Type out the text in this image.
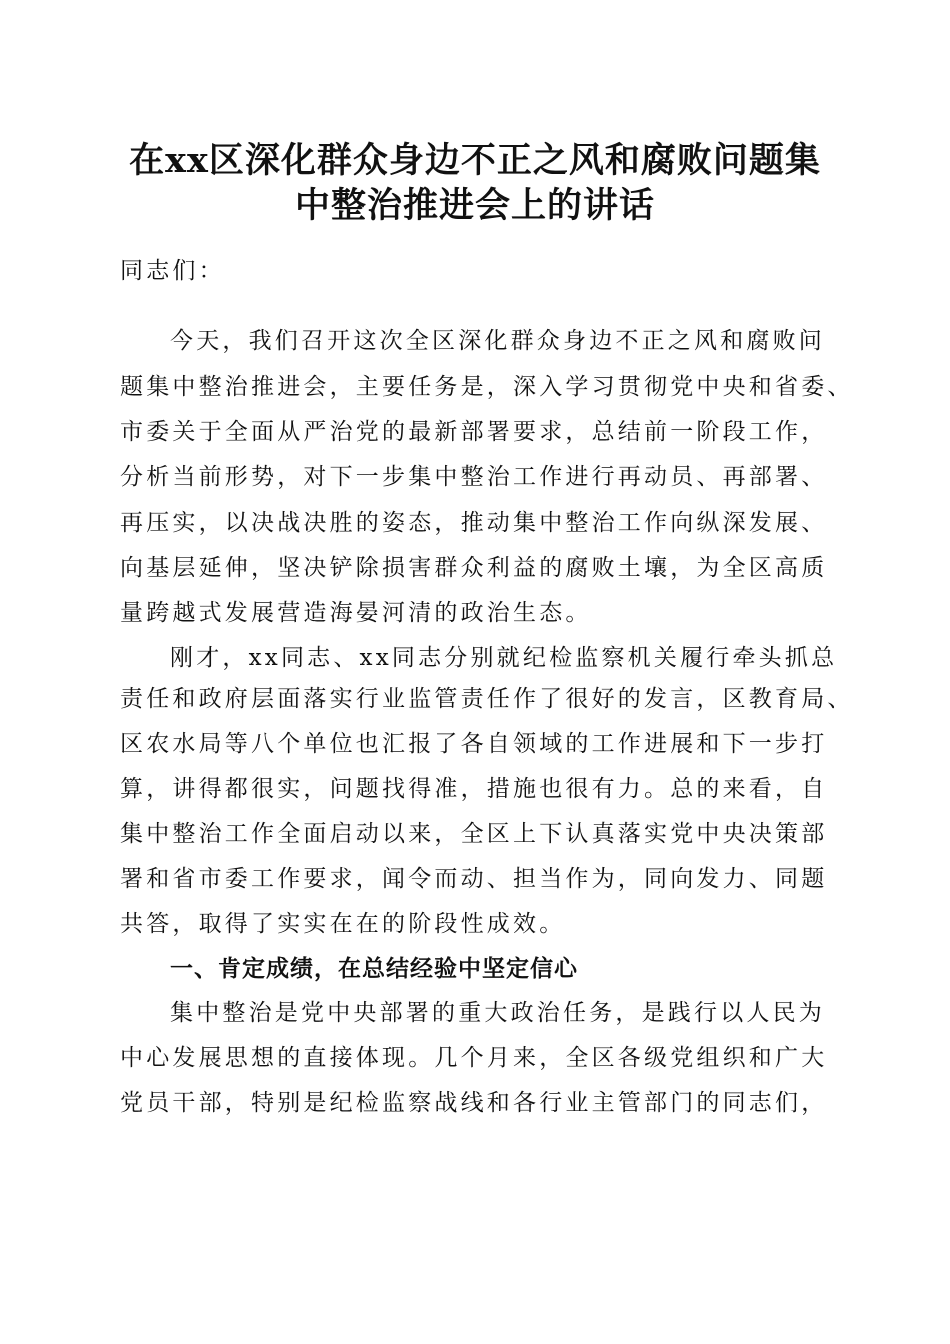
在xx区深化群众身边不正之风和腐败问题集
中整治推进会上的讲话
同志们：
今天，我们召开这次全区深化群众身边不正之风和腐败问
题集中整治推进会，主要任务是，深入学习贯彻党中央和省委、
市委关于全面从严治党的最新部署要求，总结前一阶段工作，
分析当前形势，对下一步集中整治工作进行再动员、再部署、
再压实，以决战决胜的姿态，推动集中整治工作向纵深发展、
向基层延伸，坚决铲除损害群众利益的腐败土壤，为全区高质
量跨越式发展营造海晏河清的政治生态。
刚才，xx同志、xx同志分别就纪检监察机关履行牵头抓总
责任和政府层面落实行业监管责任作了很好的发言，区教育局、
区农水局等八个单位也汇报了各自领域的工作进展和下一步打
算，讲得都很实，问题找得准，措施也很有力。总的来看，自
集中整治工作全面启动以来，全区上下认真落实党中央决策部
署和省市委工作要求，闻令而动、担当作为，同向发力、同题
共答，取得了实实在在的阶段性成效。
一、肯定成绩，在总结经验中坚定信心
集中整治是党中央部署的重大政治任务，是践行以人民为
中心发展思想的直接体现。几个月来，全区各级党组织和广大
党员干部，特别是纪检监察战线和各行业主管部门的同志们，
